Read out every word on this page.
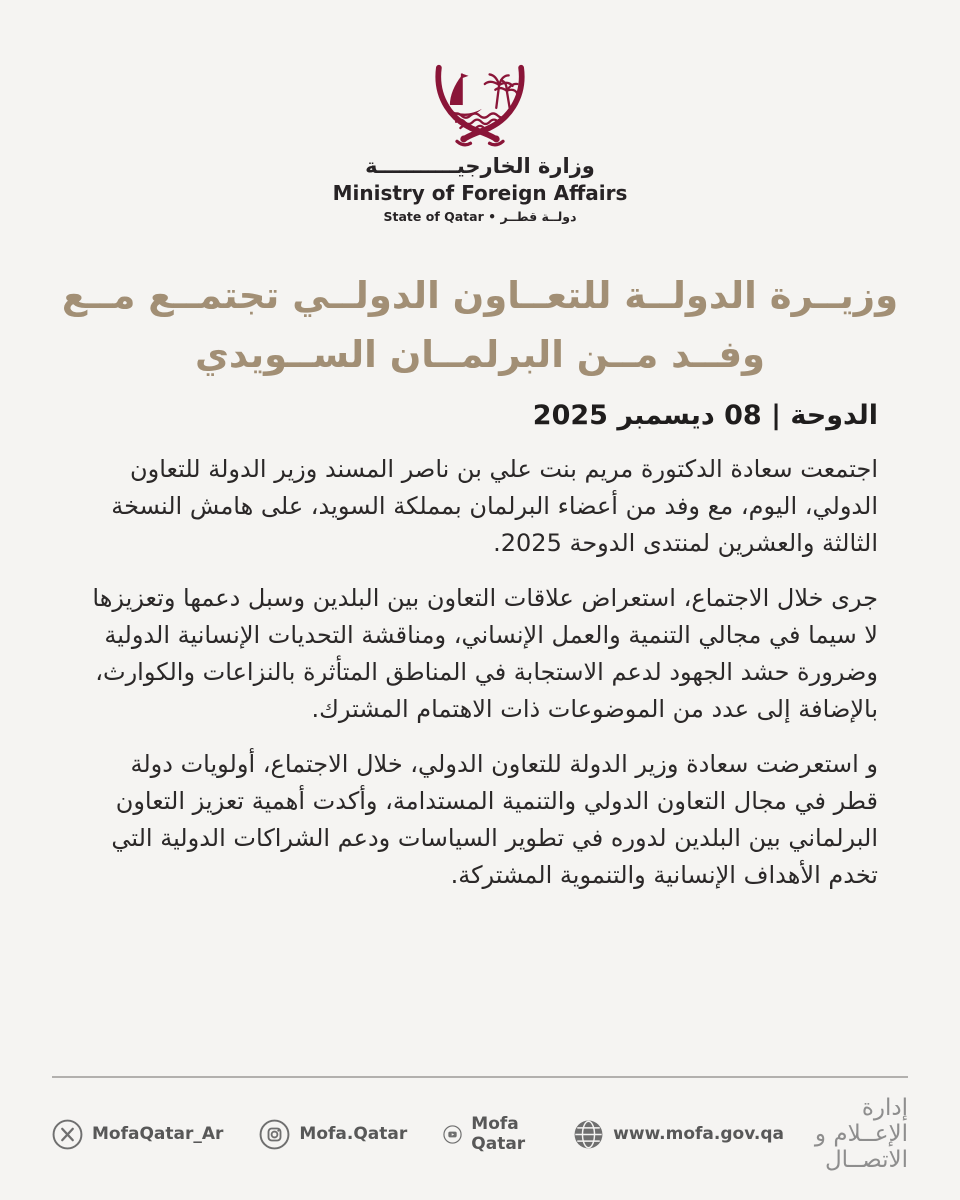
وزارة الخارجيـــــــــــة
Ministry of Foreign Affairs
دولــة قطــر • State of Qatar
وزيــرة الدولــة للتعــاون الدولــي تجتمــع مــع
وفــد مــن البرلمــان الســويدي
الدوحة | 08 ديسمبر 2025

اجتمعت سعادة الدكتورة مريم بنت علي بن ناصر المسند وزير الدولة للتعاون الدولي، اليوم، مع وفد من أعضاء البرلمان بمملكة السويد، على هامش النسخة الثالثة والعشرين لمنتدى الدوحة 2025.

جرى خلال الاجتماع، استعراض علاقات التعاون بين البلدين وسبل دعمها وتعزيزها لا سيما في مجالي التنمية والعمل الإنساني، ومناقشة التحديات الإنسانية الدولية وضرورة حشد الجهود لدعم الاستجابة في المناطق المتأثرة بالنزاعات والكوارث، بالإضافة إلى عدد من الموضوعات ذات الاهتمام المشترك.

و استعرضت سعادة وزير الدولة للتعاون الدولي، خلال الاجتماع، أولويات دولة قطر في مجال التعاون الدولي والتنمية المستدامة، وأكدت أهمية تعزيز التعاون البرلماني بين البلدين لدوره في تطوير السياسات ودعم الشراكات الدولية التي تخدم الأهداف الإنسانية والتنموية المشتركة.

MofaQatar_Ar	Mofa.Qatar	Mofa Qatar	www.mofa.gov.qa
إدارة الإعــلام و الاتصــال
